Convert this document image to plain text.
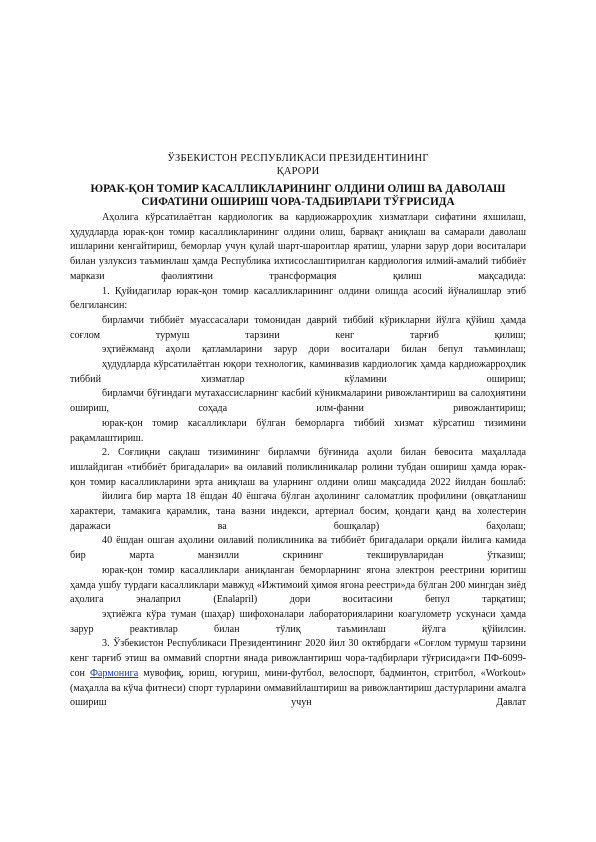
ЎЗБЕКИСТОН РЕСПУБЛИКАСИ ПРЕЗИДЕНТИНИНГ
ҚАРОРИ
ЮРАК-ҚОН ТОМИР КАСАЛЛИКЛАРИНИНГ ОЛДИНИ ОЛИШ ВА ДАВОЛАШ
СИФАТИНИ ОШИРИШ ЧОРА-ТАДБИРЛАРИ ТЎҒРИСИДА

Аҳолига кўрсатилаётган кардиологик ва кардиожарроҳлик хизматлари сифатини яхшилаш, ҳудудларда юрак-қон томир касалликларининг олдини олиш, барвақт аниқлаш ва самарали даволаш ишларини кенгайтириш, беморлар учун қулай шарт-шароитлар яратиш, уларни зарур дори воситалари билан узлуксиз таъминлаш ҳамда Республика ихтисослаштирилган кардиология илмий-амалий тиббиёт маркази фаолиятини трансформация қилиш мақсадида:

1. Қуйидагилар юрак-қон томир касалликларининг олдини олишда асосий йўналишлар этиб белгилансин:

бирламчи тиббиёт муассасалари томонидан даврий тиббий кўрикларни йўлга қўйиш ҳамда соғлом турмуш тарзини кенг тарғиб қилиш;

эҳтиёжманд аҳоли қатламларини зарур дори воситалари билан бепул таъминлаш;

ҳудудларда кўрсатилаётган юқори технологик, каминвазив кардиологик ҳамда кардиожарроҳлик тиббий хизматлар кўламини ошириш;

бирламчи бўғиндаги мутахассисларнинг касбий кўникмаларини ривожлантириш ва салоҳиятини ошириш, соҳада илм-фанни ривожлантириш;

юрак-қон томир касалликлари бўлган беморларга тиббий хизмат кўрсатиш тизимини рақамлаштириш.

2. Соғлиқни сақлаш тизимининг бирламчи бўғинида аҳоли билан бевосита маҳаллада ишлайдиган «тиббиёт бригадалари» ва оилавий поликлиникалар ролини тубдан ошириш ҳамда юрак-қон томир касалликларини эрта аниқлаш ва уларнинг олдини олиш мақсадида 2022 йилдан бошлаб:

йилига бир марта 18 ёшдан 40 ёшгача бўлган аҳолининг саломатлик профилини (овқатланиш характери, тамакига қарамлик, тана вазни индекси, артериал босим, қондаги қанд ва холестерин даражаси ва бошқалар) баҳолаш;

40 ёшдан ошган аҳолини оилавий поликлиника ва тиббиёт бригадалари орқали йилига камида бир марта манзилли скрининг текширувларидан ўтказиш;

юрак-қон томир касалликлари аниқланган беморларнинг ягона электрон реестрини юритиш ҳамда ушбу турдаги касалликлари мавжуд «Ижтимоий ҳимоя ягона реестри»да бўлган 200 мингдан зиёд аҳолига эналаприл (Enalapril) дори воситасини бепул тарқатиш;

эҳтиёжга кўра туман (шаҳар) шифохоналари лабораторияларини коагулометр ускунаси ҳамда зарур реактивлар билан тўлиқ таъминлаш йўлга қўйилсин.

3. Ўзбекистон Республикаси Президентининг 2020 йил 30 октябрдаги «Соғлом турмуш тарзини кенг тарғиб этиш ва оммавий спортни янада ривожлантириш чора-тадбирлари тўғрисида»ги ПФ-6099-сон Фармонига мувофиқ, юриш, югуриш, мини-футбол, велоспорт, бадминтон, стритбол, «Workout» (маҳалла ва кўча фитнеси) спорт турларини оммавийлаштириш ва ривожлантириш дастурларини амалга ошириш учун Давлат
